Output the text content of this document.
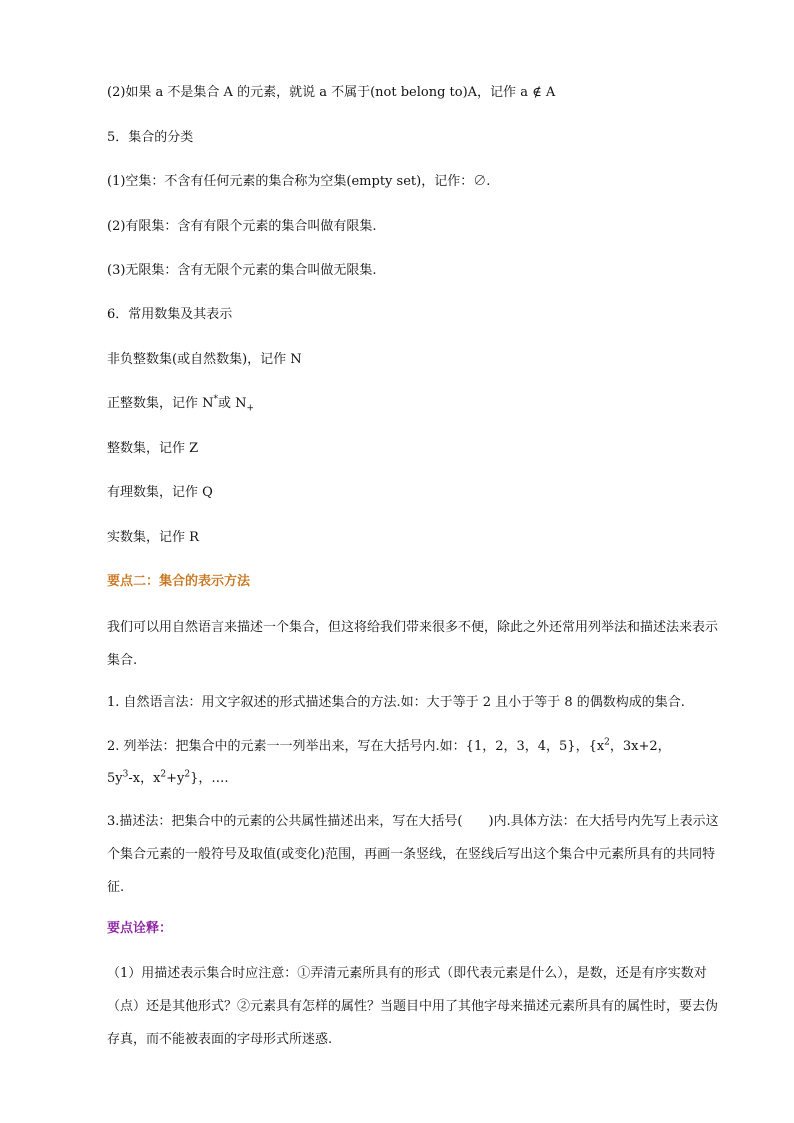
(2)如果 a 不是集合 A 的元素，就说 a 不属于(not belong to)A，记作 a ∉ A
5．集合的分类
(1)空集：不含有任何元素的集合称为空集(empty set)，记作：∅.
(2)有限集：含有有限个元素的集合叫做有限集.
(3)无限集：含有无限个元素的集合叫做无限集.
6．常用数集及其表示
非负整数集(或自然数集)，记作 N
正整数集，记作 N*或 $N_+$
整数集，记作 Z
有理数集，记作 Q
实数集，记作 R
要点二：集合的表示方法
我们可以用自然语言来描述一个集合，但这将给我们带来很多不便，除此之外还常用列举法和描述法来表示集合.
1. 自然语言法：用文字叙述的形式描述集合的方法.如：大于等于 2 且小于等于 8 的偶数构成的集合.
2. 列举法：把集合中的元素一一列举出来，写在大括号内.如：{1，2，3，4，5}，{$x^2$，3x+2，
$5y^3-x$，$x^2+y^2$}，….
3.描述法：把集合中的元素的公共属性描述出来，写在大括号(　　)内.具体方法：在大括号内先写上表示这个集合元素的一般符号及取值(或变化)范围，再画一条竖线，在竖线后写出这个集合中元素所具有的共同特征.
要点诠释：
（1）用描述表示集合时应注意：①弄清元素所具有的形式（即代表元素是什么），是数，还是有序实数对（点）还是其他形式？②元素具有怎样的属性？当题目中用了其他字母来描述元素所具有的属性时，要去伪存真，而不能被表面的字母形式所迷惑.
